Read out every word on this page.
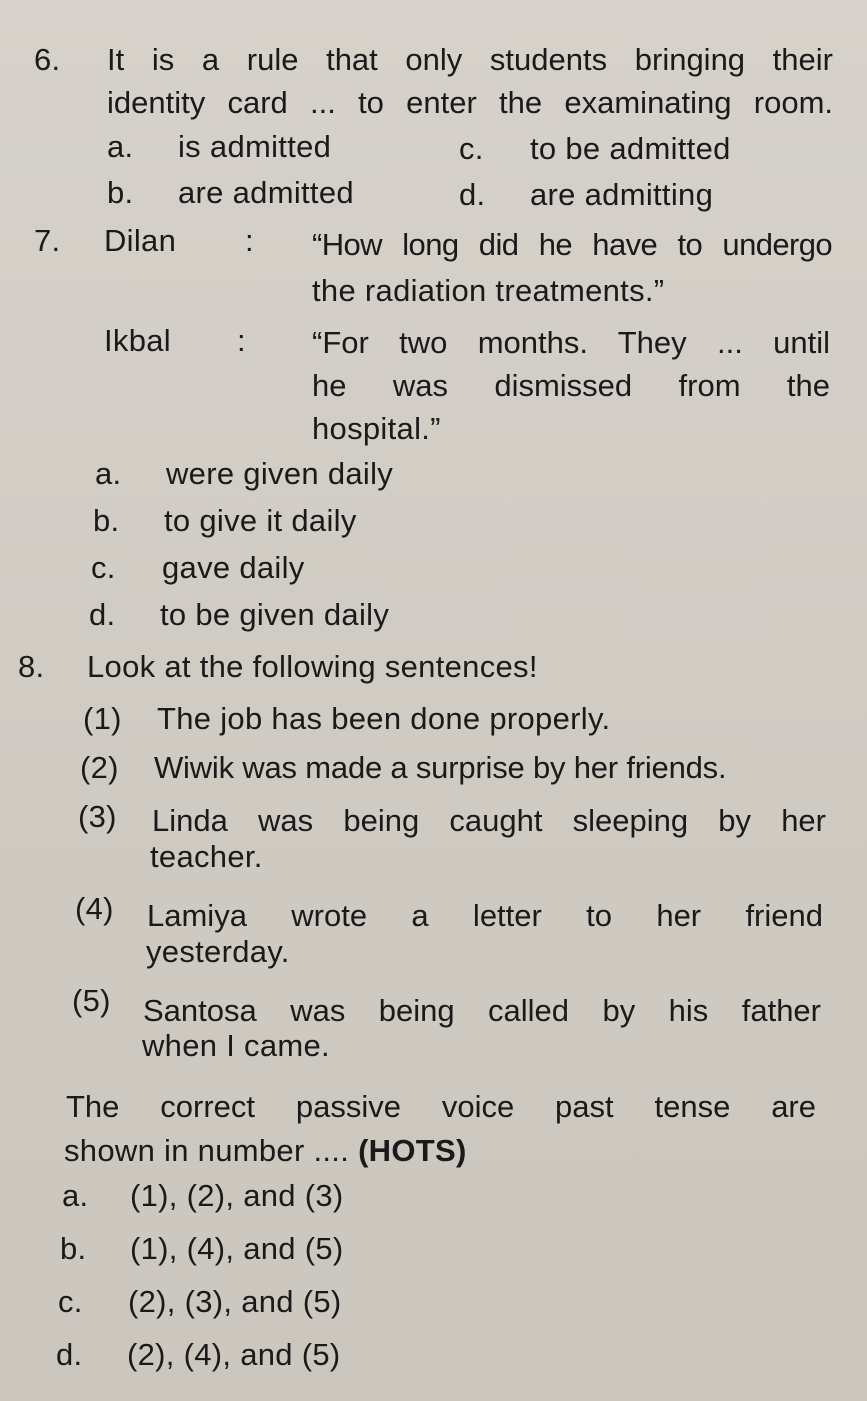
6. It is a rule that only students bringing their
identity card ... to enter the examinating room.
a. is admitted	c. to be admitted
b. are admitted	d. are admitting
7. Dilan : “How long did he have to undergo
the radiation treatments.”
Ikbal : “For two months. They ... until
he was dismissed from the
hospital.”
a. were given daily
b. to give it daily
c. gave daily
d. to be given daily
8. Look at the following sentences!
(1) The job has been done properly.
(2) Wiwik was made a surprise by her friends.
(3) Linda was being caught sleeping by her
teacher.
(4) Lamiya wrote a letter to her friend
yesterday.
(5) Santosa was being called by his father
when I came.
The correct passive voice past tense are
shown in number .... (HOTS)
a. (1), (2), and (3)
b. (1), (4), and (5)
c. (2), (3), and (5)
d. (2), (4), and (5)
